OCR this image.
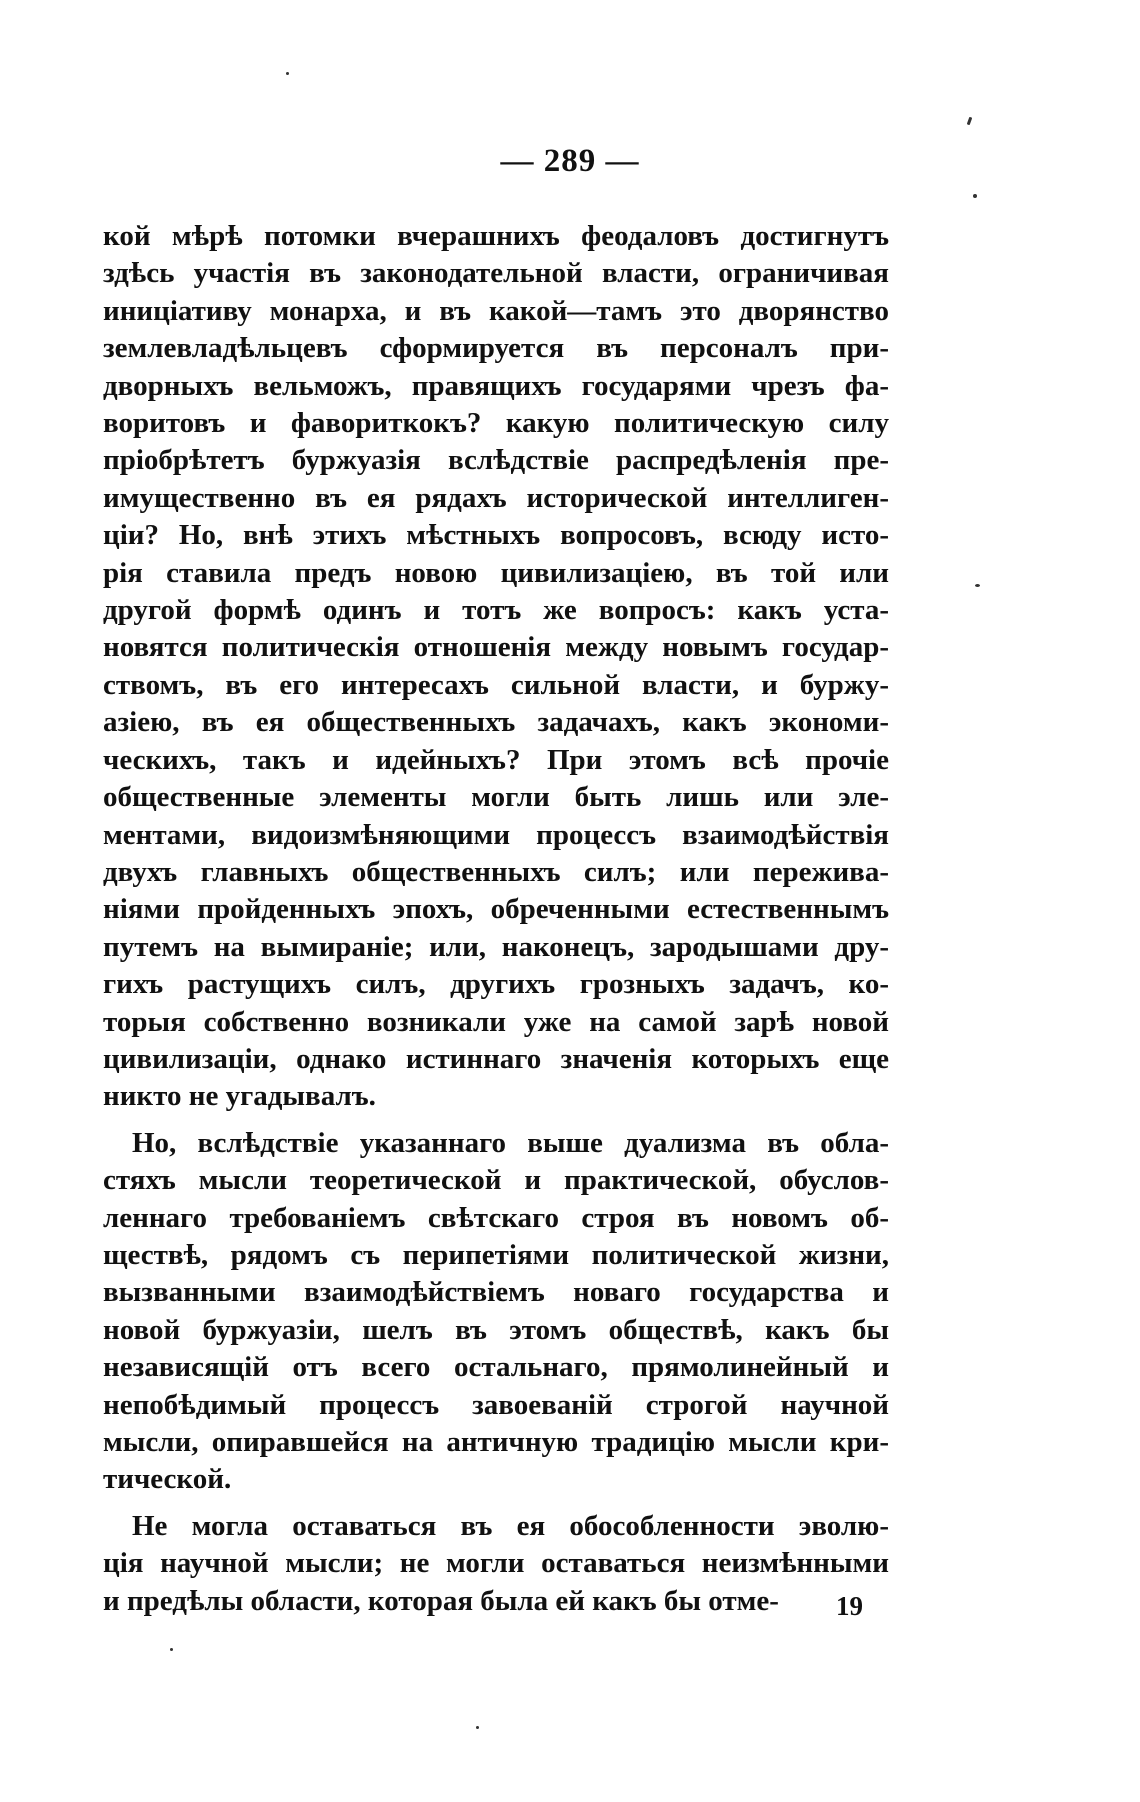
— 289 —
кой мѣрѣ потомки вчерашнихъ феодаловъ достигнутъ
здѣсь участія въ законодательной власти, ограничивая
иниціативу монарха, и въ какой—тамъ это дворянство
землевладѣльцевъ сформируется въ персоналъ при-
дворныхъ вельможъ, правящихъ государями чрезъ фа-
воритовъ и фавориткокъ? какую политическую силу
пріобрѣтетъ буржуазія вслѣдствіе распредѣленія пре-
имущественно въ ея рядахъ исторической интеллиген-
ціи? Но, внѣ этихъ мѣстныхъ вопросовъ, всюду исто-
рія ставила предъ новою цивилизаціею, въ той или
другой формѣ одинъ и тотъ же вопросъ: какъ уста-
новятся политическія отношенія между новымъ государ-
ствомъ, въ его интересахъ сильной власти, и буржу-
азіею, въ ея общественныхъ задачахъ, какъ экономи-
ческихъ, такъ и идейныхъ? При этомъ всѣ прочіе
общественные элементы могли быть лишь или эле-
ментами, видоизмѣняющими процессъ взаимодѣйствія
двухъ главныхъ общественныхъ силъ; или пережива-
ніями пройденныхъ эпохъ, обреченными естественнымъ
путемъ на вымираніе; или, наконецъ, зародышами дру-
гихъ растущихъ силъ, другихъ грозныхъ задачъ, ко-
торыя собственно возникали уже на самой зарѣ новой
цивилизаціи, однако истиннаго значенія которыхъ еще
никто не угадывалъ.
Но, вслѣдствіе указаннаго выше дуализма въ обла-
стяхъ мысли теоретической и практической, обуслов-
леннаго требованіемъ свѣтскаго строя въ новомъ об-
ществѣ, рядомъ съ перипетіями политической жизни,
вызванными взаимодѣйствіемъ новаго государства и
новой буржуазіи, шелъ въ этомъ обществѣ, какъ бы
независящій отъ всего остальнаго, прямолинейный и
непобѣдимый процессъ завоеваній строгой научной
мысли, опиравшейся на античную традицію мысли кри-
тической.
Не могла оставаться въ ея обособленности эволю-
ція научной мысли; не могли оставаться неизмѣнными
и предѣлы области, которая была ей какъ бы отме-	19
